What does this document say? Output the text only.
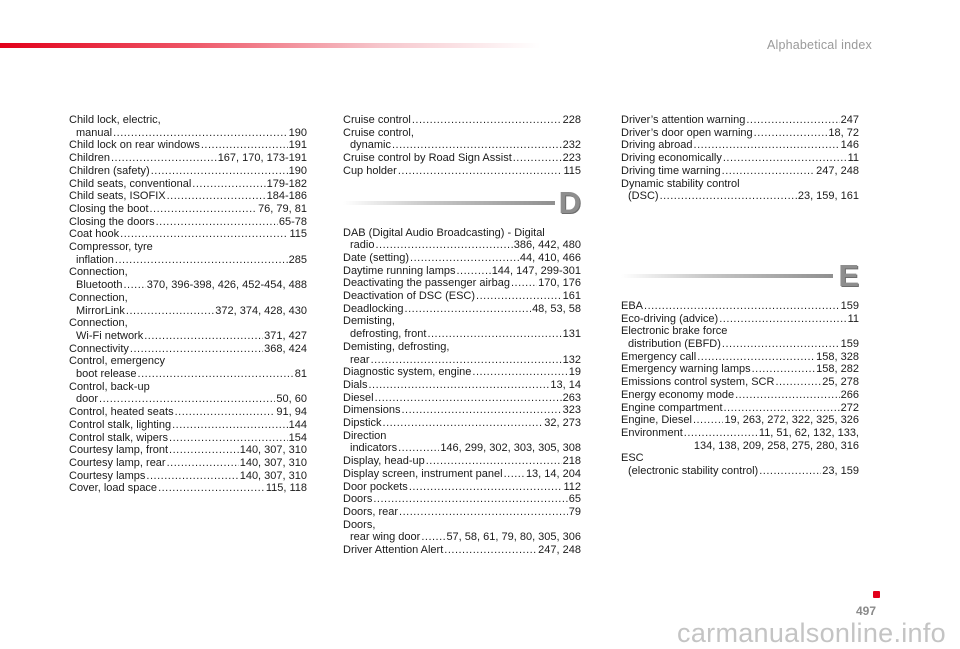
Alphabetical index
Child lock, electric,
manual .....	190
Child lock on rear windows .....	191
Children .....	167, 170, 173-191
Children (safety) .....	190
Child seats, conventional .....	179-182
Child seats, ISOFIX .....	184-186
Closing the boot .....	76, 79, 81
Closing the doors .....	65-78
Coat hook .....	115
Compressor, tyre
inflation .....	285
Connection,
Bluetooth ..... 370, 396-398, 426, 452-454, 488
Connection,
MirrorLink .....	372, 374, 428, 430
Connection,
Wi-Fi network .....	371, 427
Connectivity .....	368, 424
Control, emergency
boot release .....	81
Control, back-up
door .....	50, 60
Control, heated seats .....	91, 94
Control stalk, lighting .....	144
Control stalk, wipers .....	154
Courtesy lamp, front .....	140, 307, 310
Courtesy lamp, rear .....	140, 307, 310
Courtesy lamps .....	140, 307, 310
Cover, load space .....	115, 118
Cruise control .....	228
Cruise control,
dynamic .....	232
Cruise control by Road Sign Assist .....	223
Cup holder .....	115
D
DAB (Digital Audio Broadcasting) - Digital
radio .....	386, 442, 480
Date (setting) .....	44, 410, 466
Daytime running lamps .....	144, 147, 299-301
Deactivating the passenger airbag .....	170, 176
Deactivation of DSC (ESC) .....	161
Deadlocking .....	48, 53, 58
Demisting,
defrosting, front .....	131
Demisting, defrosting,
rear .....	132
Diagnostic system, engine .....	19
Dials .....	13, 14
Diesel .....	263
Dimensions .....	323
Dipstick .....	32, 273
Direction
indicators .....	146, 299, 302, 303, 305, 308
Display, head-up .....	218
Display screen, instrument panel ..... 13, 14, 204
Door pockets .....	112
Doors .....	65
Doors, rear .....	79
Doors,
rear wing door ..... 57, 58, 61, 79, 80, 305, 306
Driver Attention Alert .....	247, 248
Driver’s attention warning .....	247
Driver’s door open warning .....	18, 72
Driving abroad .....	146
Driving economically .....	11
Driving time warning .....	247, 248
Dynamic stability control
(DSC) .....	23, 159, 161
E
EBA .....	159
Eco-driving (advice) .....	11
Electronic brake force
distribution (EBFD) .....	159
Emergency call .....	158, 328
Emergency warning lamps .....	158, 282
Emissions control system, SCR .....	25, 278
Energy economy mode .....	266
Engine compartment .....	272
Engine, Diesel .....	19, 263, 272, 322, 325, 326
Environment .....	11, 51, 62, 132, 133,
134, 138, 209, 258, 275, 280, 316
ESC
(electronic stability control) .....	23, 159
497
carmanualsonline.info
